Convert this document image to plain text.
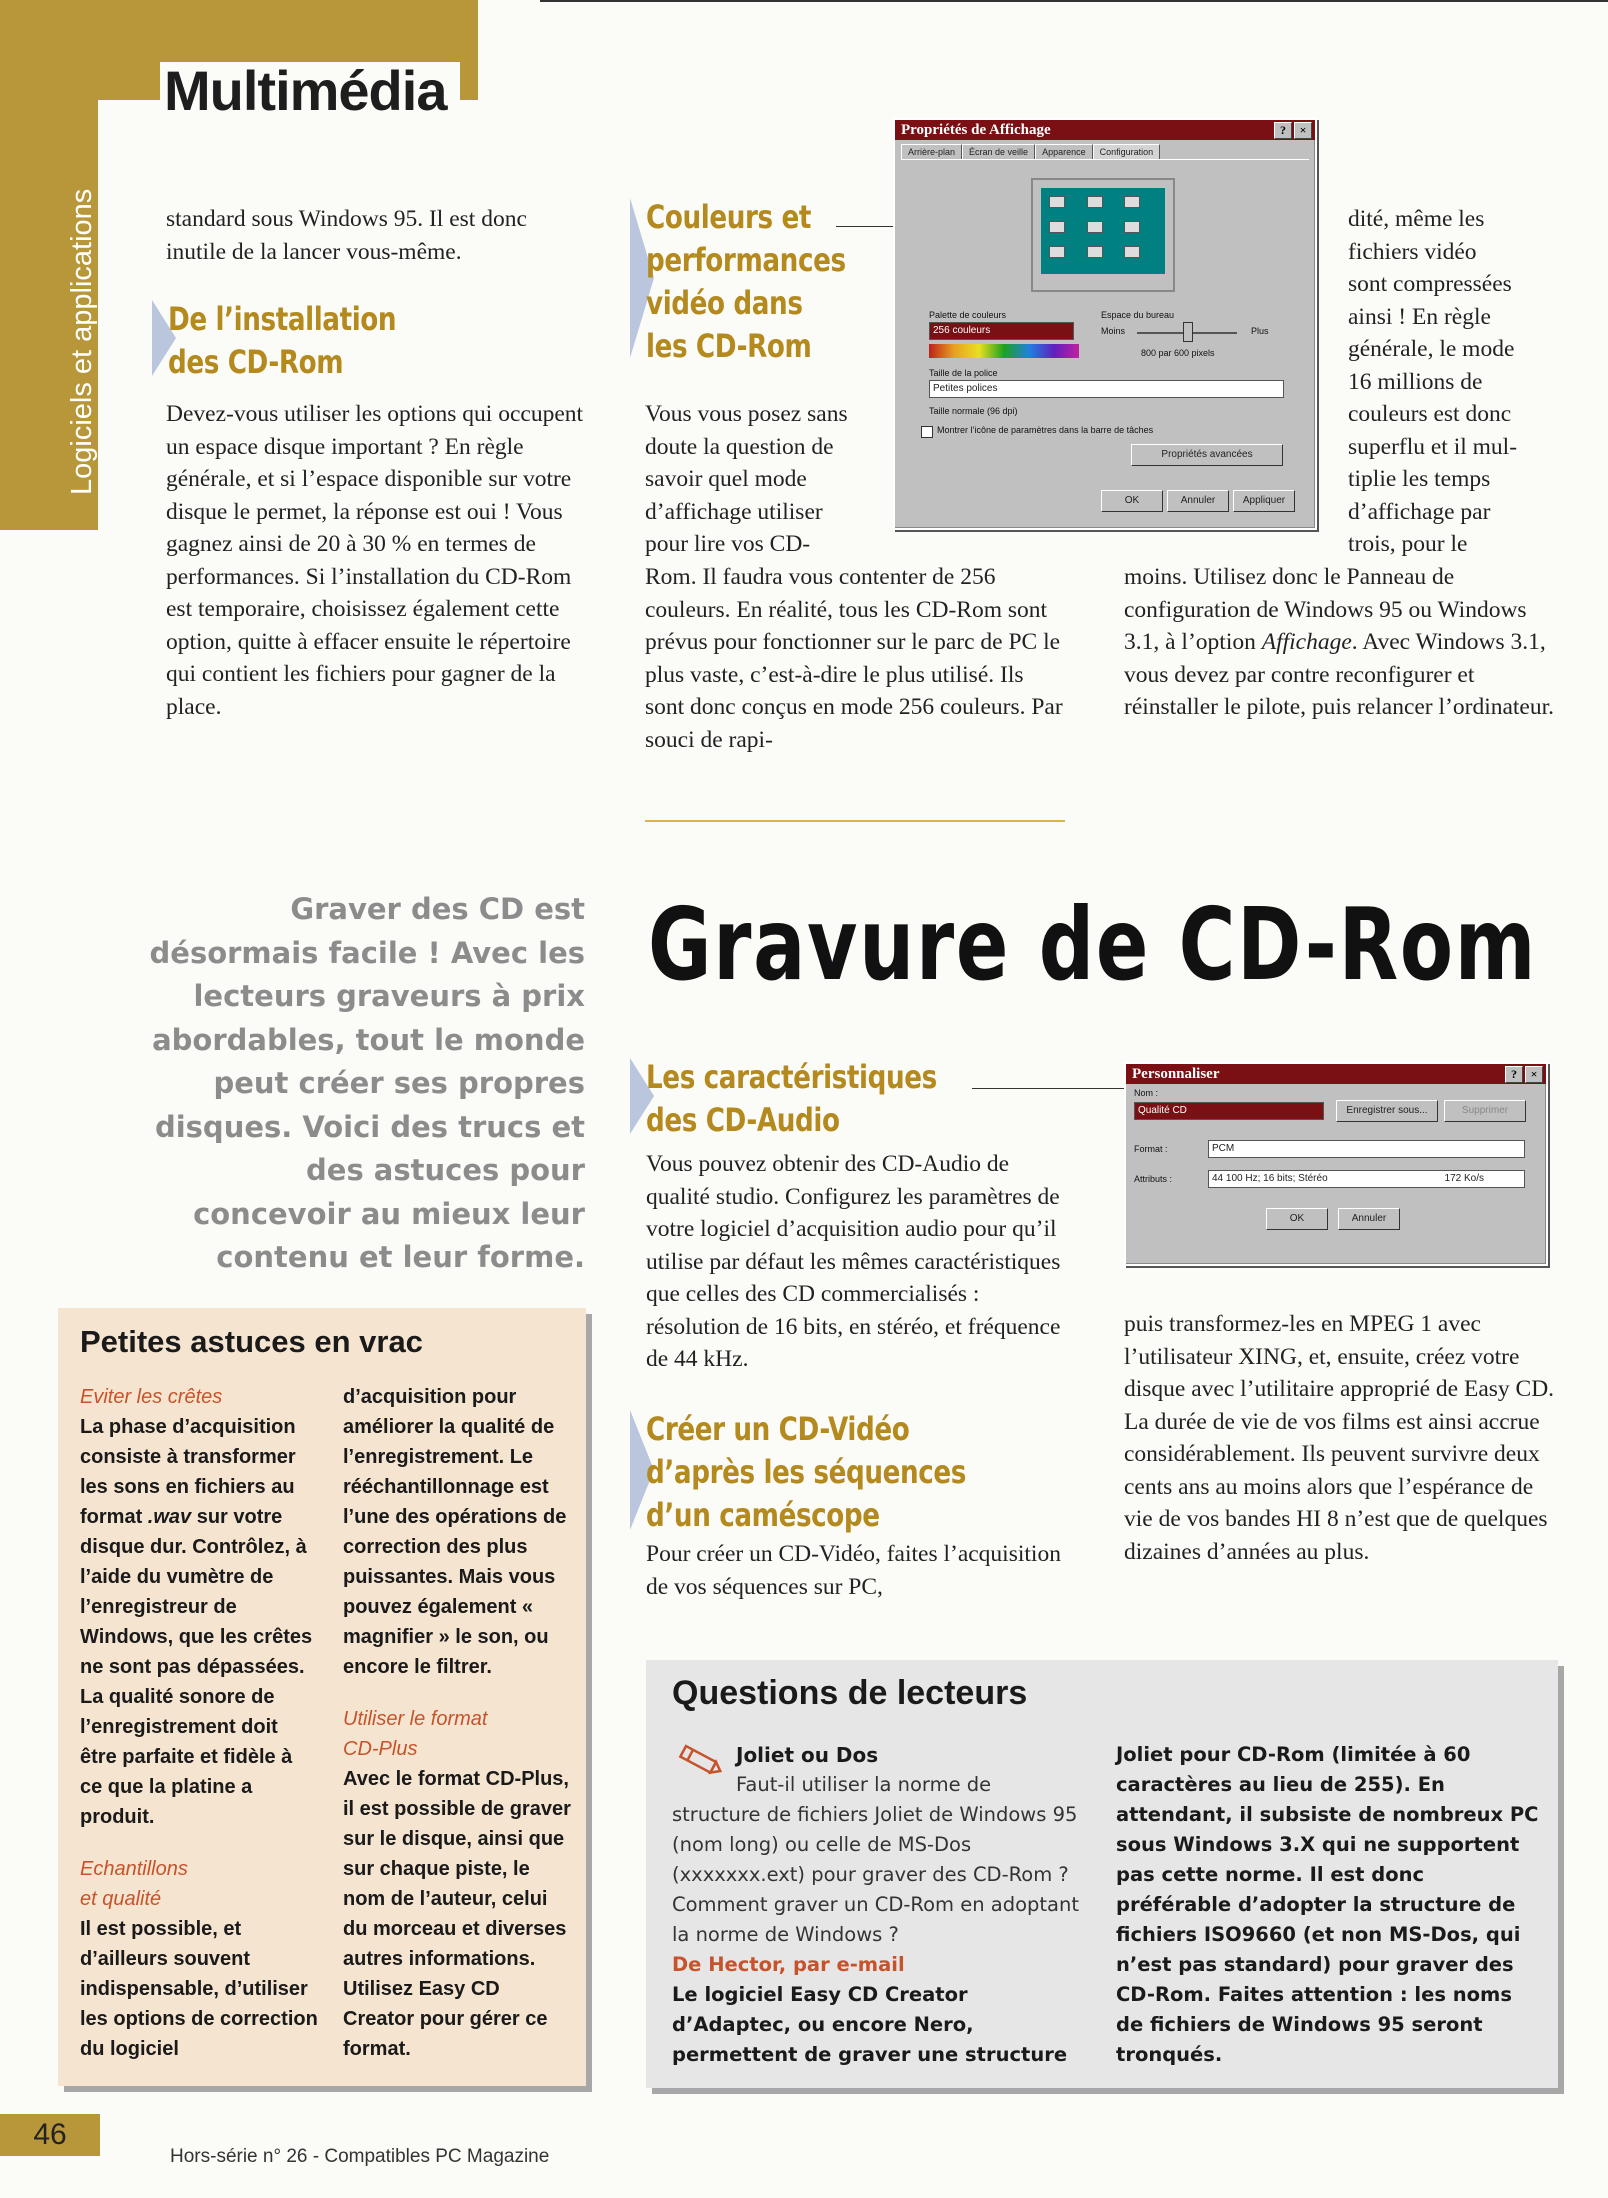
Logiciels et applications
Multimédia
standard sous Windows 95. Il est donc inutile de la lancer vous-même.
De l’installation
des CD-Rom
Devez-vous utiliser les options qui occupent un espace disque important ? En règle générale, et si l’espace disponible sur votre disque le permet, la réponse est oui ! Vous gagnez ainsi de 20 à 30 % en termes de performances. Si l’installation du CD-Rom est temporaire, choisissez également cette option, quitte à effacer ensuite le répertoire qui contient les fichiers pour gagner de la place.
Couleurs et
performances
vidéo dans
les CD-Rom
Vous vous posez sans
doute la question de
savoir quel mode
d’affichage utiliser
pour lire vos CD-
Rom. Il faudra vous contenter de 256 couleurs. En réalité, tous les CD-Rom sont prévus pour fonctionner sur le parc de PC le plus vaste, c’est-à-dire le plus utilisé. Ils sont donc conçus en mode 256 couleurs. Par souci de rapi-
Propriétés de Affichage	?	×
Arrière-plan	Écran de veille	Apparence	Configuration
Palette de couleurs
256 couleurs
Espace du bureau
Moins	Plus
800 par 600 pixels
Taille de la police
Petites polices
Taille normale (96 dpi)
Montrer l’icône de paramètres dans la barre de tâches
Propriétés avancées
OK	Annuler	Appliquer
dité, même les
fichiers vidéo
sont compressées
ainsi ! En règle
générale, le mode
16 millions de
couleurs est donc
superflu et il mul-
tiplie les temps
d’affichage par
trois, pour le
moins. Utilisez donc le Panneau de configuration de Windows 95 ou Windows 3.1, à l’option Affichage. Avec Windows 3.1, vous devez par contre reconfigurer et réinstaller le pilote, puis relancer l’ordinateur.
Graver des CD est désormais facile ! Avec les lecteurs graveurs à prix abordables, tout le monde peut créer ses propres disques. Voici des trucs et des astuces pour concevoir au mieux leur contenu et leur forme.
Gravure de CD-Rom
Les caractéristiques
des CD-Audio
Vous pouvez obtenir des CD-Audio de qualité studio. Configurez les paramètres de votre logiciel d’acquisition audio pour qu’il utilise par défaut les mêmes caractéristiques que celles des CD commercialisés : résolution de 16 bits, en stéréo, et fréquence de 44 kHz.
Créer un CD-Vidéo
d’après les séquences
d’un caméscope
Pour créer un CD-Vidéo, faites l’acquisition de vos séquences sur PC,
Personnaliser	?	×
Nom :
Qualité CD	Enregistrer sous...	Supprimer
Format :	PCM
Attributs :	44 100 Hz; 16 bits; Stéréo	172 Ko/s
OK	Annuler
puis transformez-les en MPEG 1 avec l’utilisateur XING, et, ensuite, créez votre disque avec l’utilitaire approprié de Easy CD. La durée de vie de vos films est ainsi accrue considérablement. Ils peuvent survivre deux cents ans au moins alors que l’espérance de vie de vos bandes HI 8 n’est que de quelques dizaines d’années au plus.
Petites astuces en vrac

Eviter les crêtes

La phase d’acquisition consiste à transformer les sons en fichiers au format .wav sur votre disque dur. Contrôlez, à l’aide du vumètre de l’enregistreur de Windows, que les crêtes ne sont pas dépassées. La qualité sonore de l’enregistrement doit être parfaite et fidèle à ce que la platine a produit.

Echantillons

et qualité

Il est possible, et d’ailleurs souvent indispensable, d’utiliser les options de correction du logiciel

d’acquisition pour améliorer la qualité de l’enregistrement. Le rééchantillonnage est l’une des opérations de correction des plus puissantes. Mais vous pouvez également « magnifier » le son, ou encore le filtrer.

Utiliser le format

CD-Plus

Avec le format CD-Plus, il est possible de graver sur le disque, ainsi que sur chaque piste, le nom de l’auteur, celui du morceau et diverses autres informations. Utilisez Easy CD Creator pour gérer ce format.

Questions de lecteurs
Joliet ou Dos
Faut-il utiliser la norme de structure de fichiers Joliet de Windows 95 (nom long) ou celle de MS-Dos (xxxxxxx.ext) pour graver des CD-Rom ? Comment graver un CD-Rom en adoptant la norme de Windows ?
De Hector, par e-mail
Le logiciel Easy CD Creator d’Adaptec, ou encore Nero, permettent de graver une structure
Joliet pour CD-Rom (limitée à 60 caractères au lieu de 255). En attendant, il subsiste de nombreux PC sous Windows 3.X qui ne supportent pas cette norme. Il est donc préférable d’adopter la structure de fichiers ISO9660 (et non MS-Dos, qui n’est pas standard) pour graver des CD-Rom. Faites attention : les noms de fichiers de Windows 95 seront tronqués.
46
Hors-série n° 26 - Compatibles PC Magazine
